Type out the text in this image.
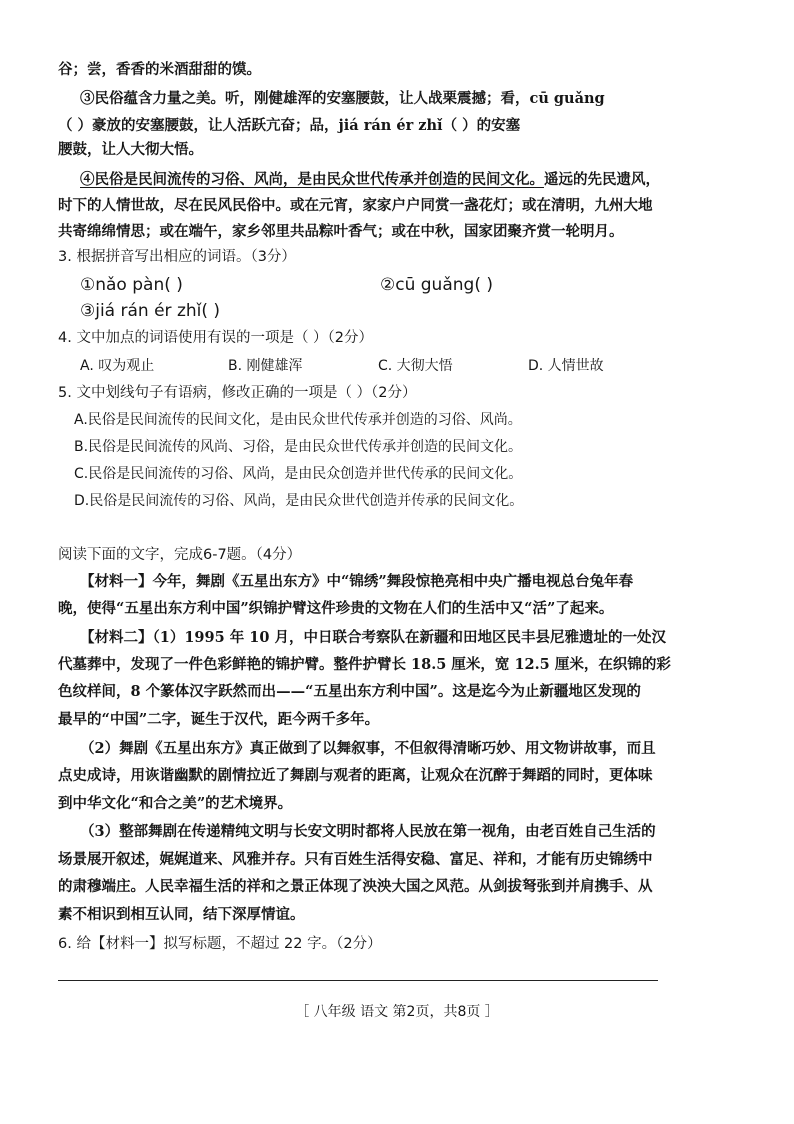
谷；尝，香香的米酒甜甜的馍。
③民俗蕴含力量之美。听，刚健雄浑的安塞腰鼓，让人战栗震撼；看，cū guǎng
（ ）豪放的安塞腰鼓，让人活跃亢奋；品，jiá rán ér zhǐ（ ）的安塞
腰鼓，让人大彻大悟。
④民俗是民间流传的习俗、风尚，是由民众世代传承并创造的民间文化。遥远的先民遗风，
时下的人情世故，尽在民风民俗中。或在元宵，家家户户同赏一盏花灯；或在清明，九州大地
共寄绵绵情思；或在端午，家乡邻里共品粽叶香气；或在中秋，国家团聚齐赏一轮明月。
3. 根据拼音写出相应的词语。（3分）
①nǎo pàn( )	②cū guǎng( )
③jiá rán ér zhǐ( )
4. 文中加点的词语使用有误的一项是（ ）（2分）
A. 叹为观止	B. 刚健雄浑	C. 大彻大悟	D. 人情世故
5. 文中划线句子有语病，修改正确的一项是（ ）（2分）
A.民俗是民间流传的民间文化，是由民众世代传承并创造的习俗、风尚。
B.民俗是民间流传的风尚、习俗，是由民众世代传承并创造的民间文化。
C.民俗是民间流传的习俗、风尚，是由民众创造并世代传承的民间文化。
D.民俗是民间流传的习俗、风尚，是由民众世代创造并传承的民间文化。
阅读下面的文字，完成6-7题。（4分）
【材料一】今年，舞剧《五星出东方》中“锦绣”舞段惊艳亮相中央广播电视总台兔年春
晚，使得“五星出东方利中国”织锦护臂这件珍贵的文物在人们的生活中又“活”了起来。
【材料二】（1）1995 年 10 月，中日联合考察队在新疆和田地区民丰县尼雅遗址的一处汉
代墓葬中，发现了一件色彩鲜艳的锦护臂。整件护臂长 18.5 厘米，宽 12.5 厘米，在织锦的彩
色纹样间，8 个篆体汉字跃然而出——“五星出东方利中国”。这是迄今为止新疆地区发现的
最早的“中国”二字，诞生于汉代，距今两千多年。
（2）舞剧《五星出东方》真正做到了以舞叙事，不但叙得清晰巧妙、用文物讲故事，而且
点史成诗，用诙谐幽默的剧情拉近了舞剧与观者的距离，让观众在沉醉于舞蹈的同时，更体味
到中华文化“和合之美”的艺术境界。
（3）整部舞剧在传递精纯文明与长安文明时都将人民放在第一视角，由老百姓自己生活的
场景展开叙述，娓娓道来、风雅并存。只有百姓生活得安稳、富足、祥和，才能有历史锦绣中
的肃穆端庄。人民幸福生活的祥和之景正体现了泱泱大国之风范。从剑拔弩张到并肩携手、从
素不相识到相互认同，结下深厚情谊。
6. 给【材料一】拟写标题，不超过 22 字。（2分）
［ 八年级 语文 第2页，共8页 ］
